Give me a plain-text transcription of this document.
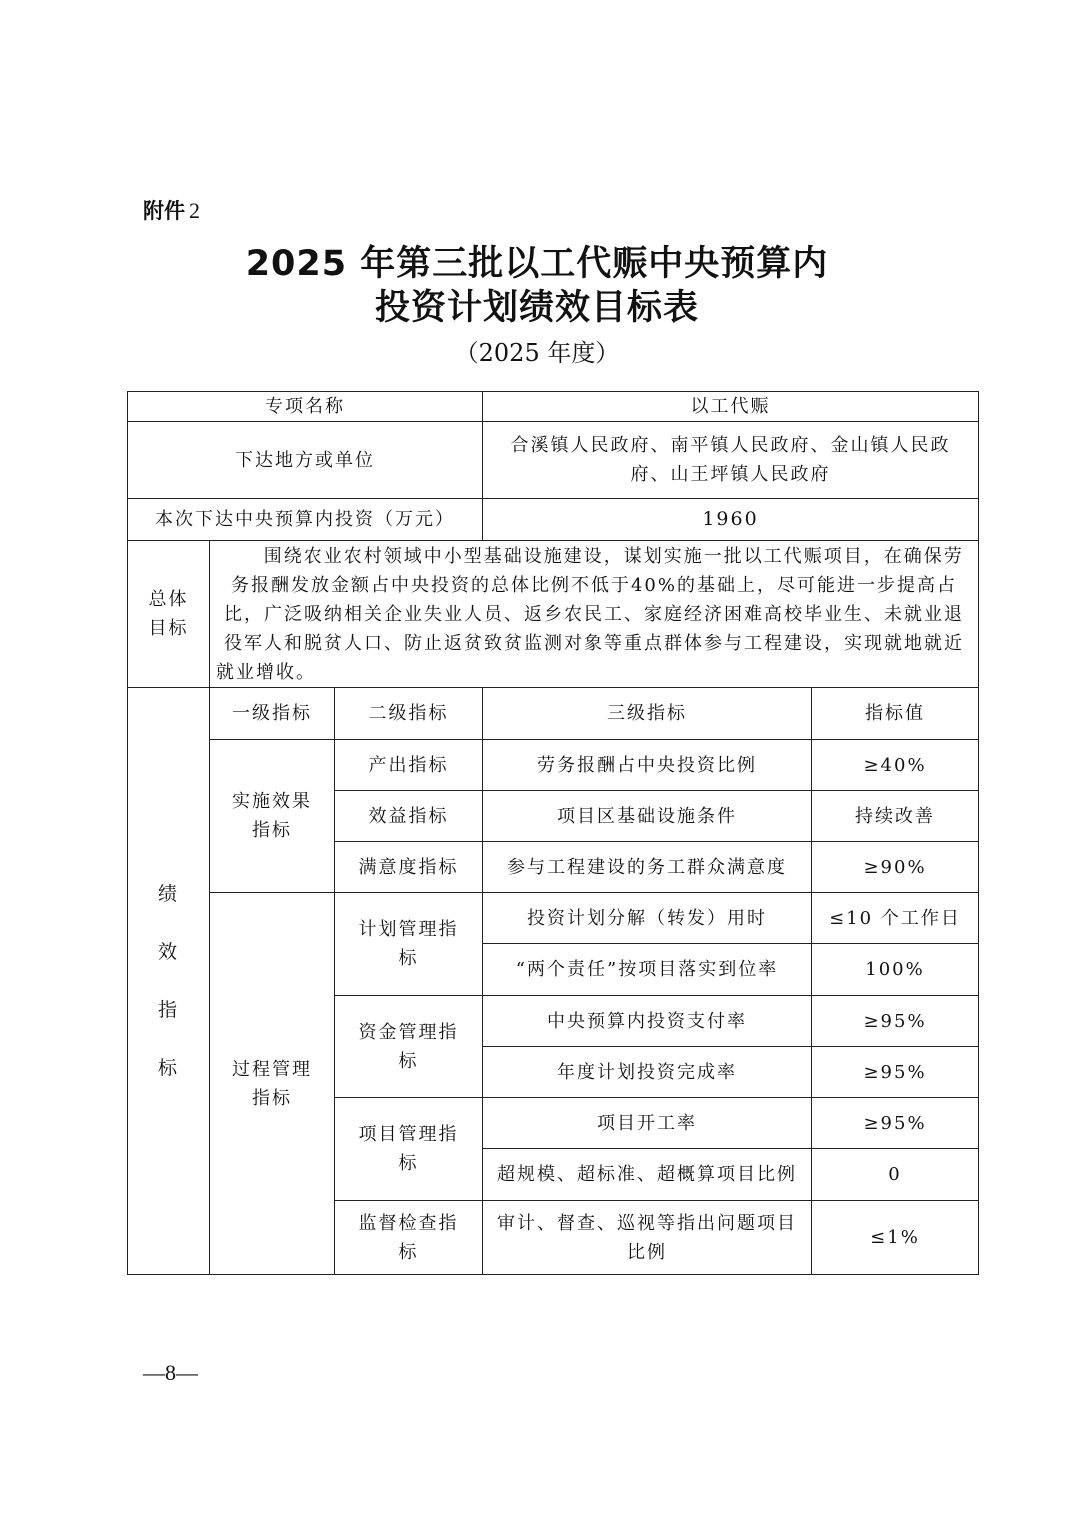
附件 2
2025 年第三批以工代赈中央预算内
投资计划绩效目标表
（2025 年度）
专项名称			以工代赈	
下达地方或单位			合溪镇人民政府、南平镇人民政府、金山镇人民政府、山王坪镇人民政府	
本次下达中央预算内投资（万元）			1960	
总体目标	围绕农业农村领域中小型基础设施建设，谋划实施一批以工代赈项目，在确保劳务报酬发放金额占中央投资的总体比例不低于40%的基础上，尽可能进一步提高占比，广泛吸纳相关企业失业人员、返乡农民工、家庭经济困难高校毕业生、未就业退役军人和脱贫人口、防止返贫致贫监测对象等重点群体参与工程建设，实现就地就近就业增收。			

绩效指标	一级指标	二级指标	三级指标	指标值
	实施效果指标	产出指标	劳务报酬占中央投资比例	≥40%
		效益指标	项目区基础设施条件	持续改善
		满意度指标	参与工程建设的务工群众满意度	≥90%
	过程管理指标	计划管理指标	投资计划分解（转发）用时	≤10 个工作日
			“两个责任”按项目落实到位率	100%
		资金管理指标	中央预算内投资支付率	≥95%
			年度计划投资完成率	≥95%
		项目管理指标	项目开工率	≥95%
			超规模、超标准、超概算项目比例	0
		监督检查指标	审计、督查、巡视等指出问题项目比例	≤1%
—8—
